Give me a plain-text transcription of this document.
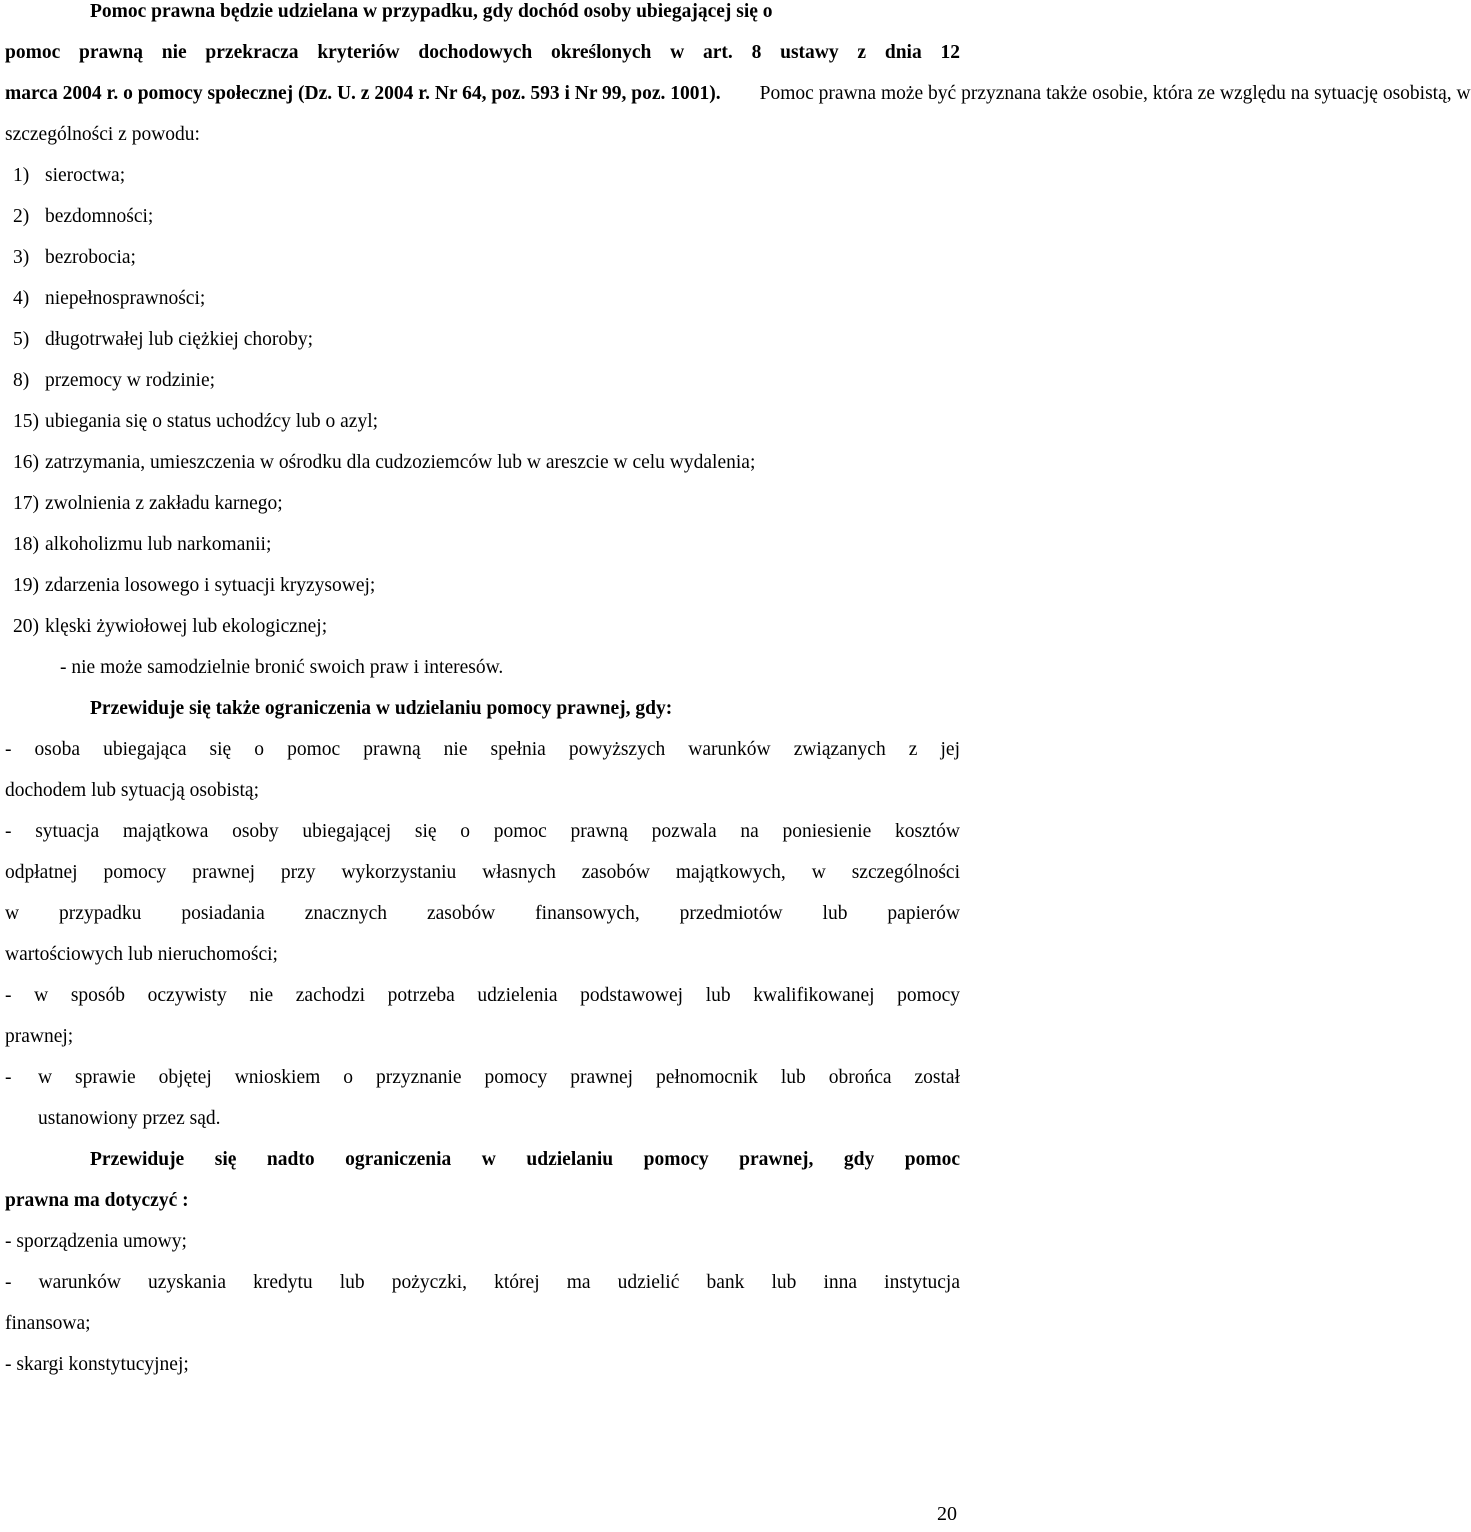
Pomoc prawna będzie udzielana w przypadku, gdy dochód osoby ubiegającej się o
pomoc prawną nie przekracza kryteriów dochodowych określonych w art. 8 ustawy z dnia 12
marca 2004 r. o pomocy społecznej (Dz. U. z 2004 r. Nr 64, poz. 593 i Nr 99, poz. 1001). Pomoc prawna może być przyznana także osobie, która ze względu na sytuację osobistą, w
szczególności z powodu:
1) sieroctwa;
2) bezdomności;
3) bezrobocia;
4) niepełnosprawności;
5) długotrwałej lub ciężkiej choroby;
8) przemocy w rodzinie;
15) ubiegania się o status uchodźcy lub o azyl;
16) zatrzymania, umieszczenia w ośrodku dla cudzoziemców lub w areszcie w celu wydalenia;
17) zwolnienia z zakładu karnego;
18) alkoholizmu lub narkomanii;
19) zdarzenia losowego i sytuacji kryzysowej;
20) klęski żywiołowej lub ekologicznej;
- nie może samodzielnie bronić swoich praw i interesów.
Przewiduje się także ograniczenia w udzielaniu pomocy prawnej, gdy:
- osoba ubiegająca się o pomoc prawną nie spełnia powyższych warunków związanych z jej
dochodem lub sytuacją osobistą;
- sytuacja majątkowa osoby ubiegającej się o pomoc prawną pozwala na poniesienie kosztów
odpłatnej pomocy prawnej przy wykorzystaniu własnych zasobów majątkowych, w szczególności
w przypadku posiadania znacznych zasobów finansowych, przedmiotów lub papierów
wartościowych lub nieruchomości;
- w sposób oczywisty nie zachodzi potrzeba udzielenia podstawowej lub kwalifikowanej pomocy
prawnej;
-	w sprawie objętej wnioskiem o przyznanie pomocy prawnej pełnomocnik lub obrońca został
ustanowiony przez sąd.
Przewiduje się nadto ograniczenia w udzielaniu pomocy prawnej, gdy pomoc
prawna ma dotyczyć :
- sporządzenia umowy;
- warunków uzyskania kredytu lub pożyczki, której ma udzielić bank lub inna instytucja
finansowa;
- skargi konstytucyjnej;
20
